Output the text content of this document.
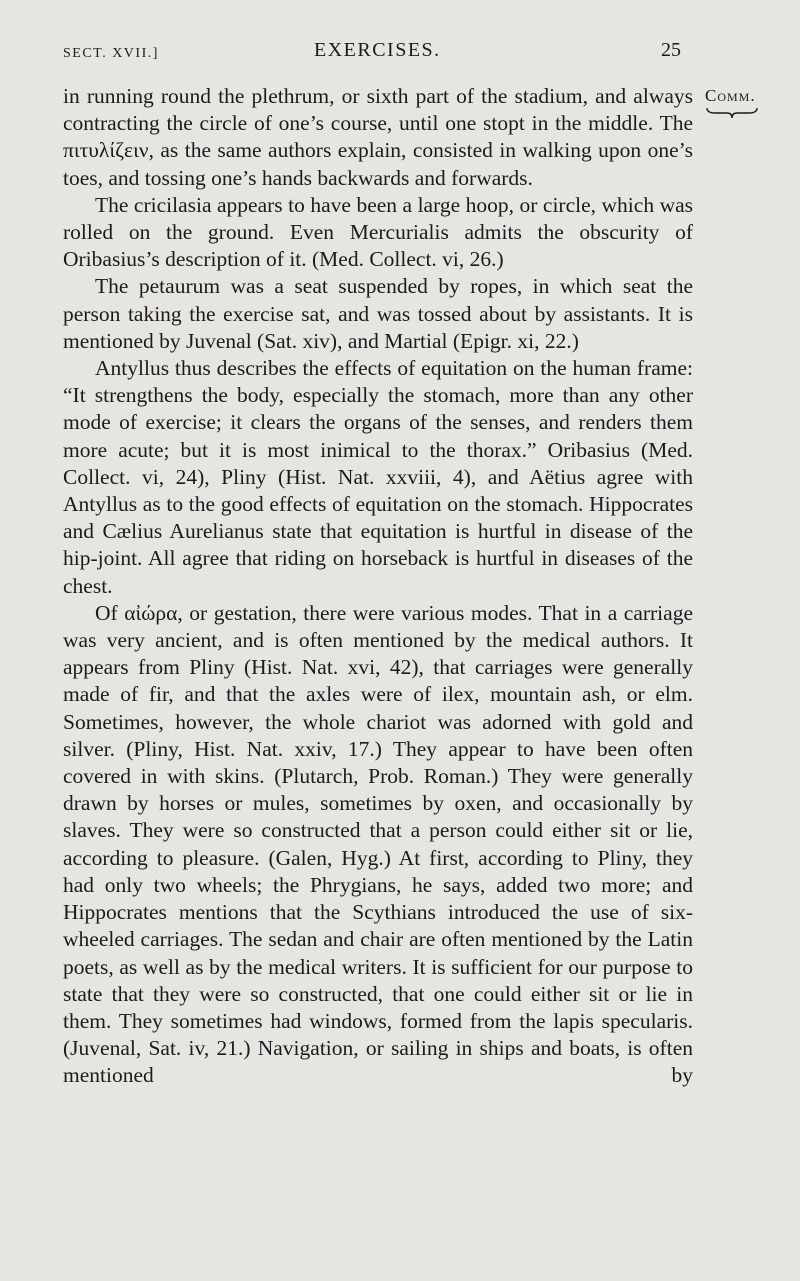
SECT. XVII.]	EXERCISES.	25
Comm.

in running round the plethrum, or sixth part of the stadium, and always contracting the circle of one’s course, until one stopt in the middle. The πιτυλίζειν, as the same authors explain, consisted in walking upon one’s toes, and tossing one’s hands backwards and forwards.

The cricilasia appears to have been a large hoop, or circle, which was rolled on the ground. Even Mercurialis admits the obscurity of Oribasius’s description of it. (Med. Collect. vi, 26.)

The petaurum was a seat suspended by ropes, in which seat the person taking the exercise sat, and was tossed about by assistants. It is mentioned by Juvenal (Sat. xiv), and Martial (Epigr. xi, 22.)

Antyllus thus describes the effects of equitation on the human frame: “It strengthens the body, especially the stomach, more than any other mode of exercise; it clears the organs of the senses, and renders them more acute; but it is most inimical to the thorax.” Oribasius (Med. Collect. vi, 24), Pliny (Hist. Nat. xxviii, 4), and Aëtius agree with Antyllus as to the good effects of equitation on the stomach. Hippocrates and Cælius Aurelianus state that equitation is hurtful in disease of the hip-joint. All agree that riding on horseback is hurtful in diseases of the chest.

Of αἰώρα, or gestation, there were various modes. That in a carriage was very ancient, and is often mentioned by the medical authors. It appears from Pliny (Hist. Nat. xvi, 42), that carriages were generally made of fir, and that the axles were of ilex, mountain ash, or elm. Sometimes, however, the whole chariot was adorned with gold and silver. (Pliny, Hist. Nat. xxiv, 17.) They appear to have been often covered in with skins. (Plutarch, Prob. Roman.) They were generally drawn by horses or mules, sometimes by oxen, and occasionally by slaves. They were so constructed that a person could either sit or lie, according to pleasure. (Galen, Hyg.) At first, according to Pliny, they had only two wheels; the Phrygians, he says, added two more; and Hippocrates mentions that the Scythians introduced the use of six-wheeled carriages. The sedan and chair are often mentioned by the Latin poets, as well as by the medical writers. It is sufficient for our purpose to state that they were so constructed, that one could either sit or lie in them. They sometimes had windows, formed from the lapis specularis. (Juvenal, Sat. iv, 21.) Navigation, or sailing in ships and boats, is often mentioned by
